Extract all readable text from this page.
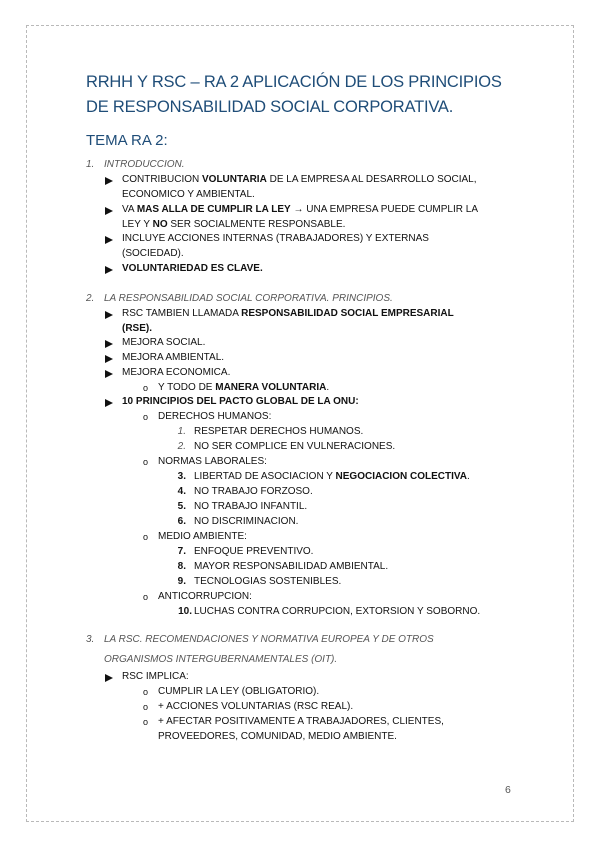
RRHH Y RSC – RA 2 APLICACIÓN DE LOS PRINCIPIOS DE RESPONSABILIDAD SOCIAL CORPORATIVA.
TEMA RA 2:
1. INTRODUCCION.
CONTRIBUCION VOLUNTARIA DE LA EMPRESA AL DESARROLLO SOCIAL,
ECONOMICO Y AMBIENTAL.
VA MAS ALLA DE CUMPLIR LA LEY → UNA EMPRESA PUEDE CUMPLIR LA
LEY Y NO SER SOCIALMENTE RESPONSABLE.
INCLUYE ACCIONES INTERNAS (TRABAJADORES) Y EXTERNAS
(SOCIEDAD).
VOLUNTARIEDAD ES CLAVE.
2. LA RESPONSABILIDAD SOCIAL CORPORATIVA. PRINCIPIOS.
RSC TAMBIEN LLAMADA RESPONSABILIDAD SOCIAL EMPRESARIAL
(RSE).
MEJORA SOCIAL.
MEJORA AMBIENTAL.
MEJORA ECONOMICA.
o Y TODO DE MANERA VOLUNTARIA.
10 PRINCIPIOS DEL PACTO GLOBAL DE LA ONU:
o DERECHOS HUMANOS:
1. RESPETAR DERECHOS HUMANOS.
2. NO SER COMPLICE EN VULNERACIONES.
o NORMAS LABORALES:
3. LIBERTAD DE ASOCIACION Y NEGOCIACION COLECTIVA.
4. NO TRABAJO FORZOSO.
5. NO TRABAJO INFANTIL.
6. NO DISCRIMINACION.
o MEDIO AMBIENTE:
7. ENFOQUE PREVENTIVO.
8. MAYOR RESPONSABILIDAD AMBIENTAL.
9. TECNOLOGIAS SOSTENIBLES.
o ANTICORRUPCION:
10. LUCHAS CONTRA CORRUPCION, EXTORSION Y SOBORNO.
3. LA RSC. RECOMENDACIONES Y NORMATIVA EUROPEA Y DE OTROS
ORGANISMOS INTERGUBERNAMENTALES (OIT).
RSC IMPLICA:
o CUMPLIR LA LEY (OBLIGATORIO).
o + ACCIONES VOLUNTARIAS (RSC REAL).
o + AFECTAR POSITIVAMENTE A TRABAJADORES, CLIENTES,
PROVEEDORES, COMUNIDAD, MEDIO AMBIENTE.
6
